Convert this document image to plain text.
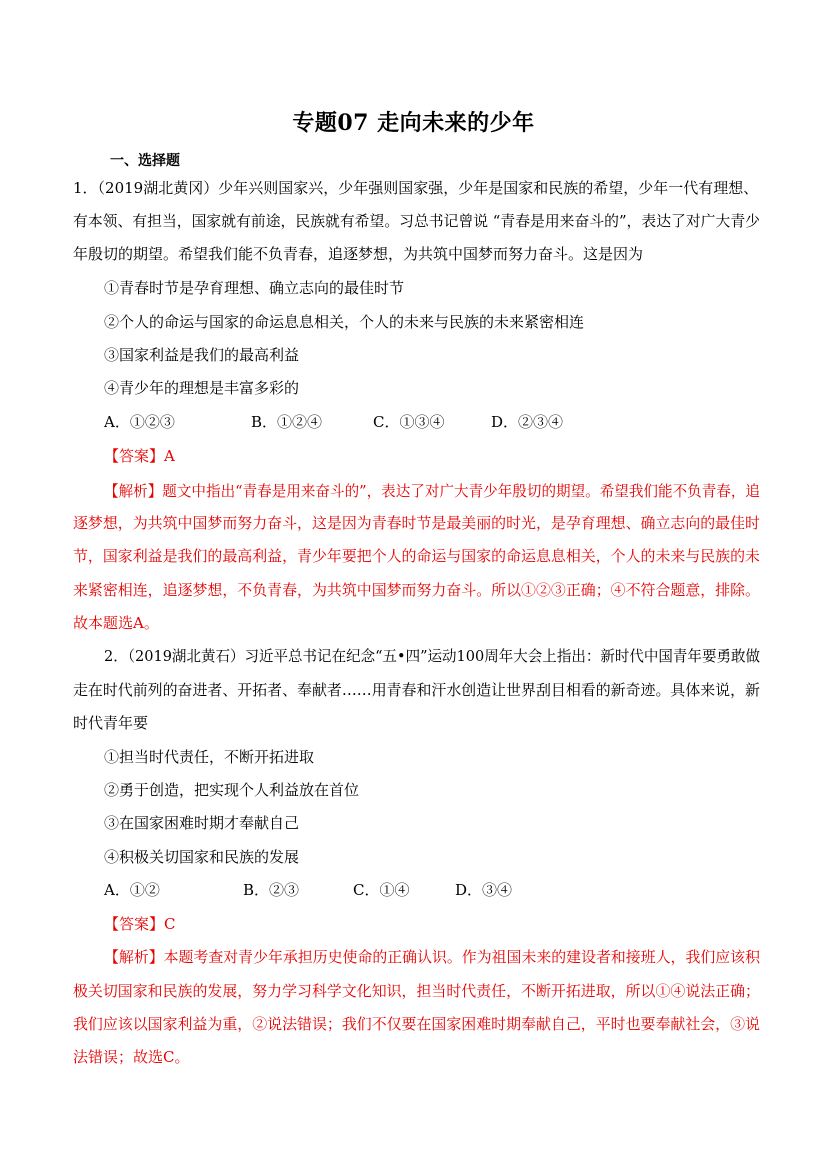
专题07 走向未来的少年
一、选择题
1．（2019湖北黄冈）少年兴则国家兴，少年强则国家强，少年是国家和民族的希望，少年一代有理想、
有本领、有担当，国家就有前途，民族就有希望。习总书记曾说 “青春是用来奋斗的”，表达了对广大青少
年殷切的期望。希望我们能不负青春，追逐梦想，为共筑中国梦而努力奋斗。这是因为
①青春时节是孕育理想、确立志向的最佳时节
②个人的命运与国家的命运息息相关，个人的未来与民族的未来紧密相连
③国家利益是我们的最高利益
④青少年的理想是丰富多彩的
A．①②③	B．①②④	C．①③④	D．②③④
【答案】A
【解析】题文中指出“青春是用来奋斗的”，表达了对广大青少年殷切的期望。希望我们能不负青春，追
逐梦想，为共筑中国梦而努力奋斗，这是因为青春时节是最美丽的时光，是孕育理想、确立志向的最佳时
节，国家利益是我们的最高利益，青少年要把个人的命运与国家的命运息息相关，个人的未来与民族的未
来紧密相连，追逐梦想，不负青春，为共筑中国梦而努力奋斗。所以①②③正确；④不符合题意，排除。
故本题选A。
2．（2019湖北黄石）习近平总书记在纪念“五•四”运动100周年大会上指出：新时代中国青年要勇敢做
走在时代前列的奋进者、开拓者、奉献者……用青春和汗水创造让世界刮目相看的新奇迹。具体来说，新
时代青年要
①担当时代责任，不断开拓进取
②勇于创造，把实现个人利益放在首位
③在国家困难时期才奉献自己
④积极关切国家和民族的发展
A．①②	B．②③	C．①④	D．③④
【答案】C
【解析】本题考查对青少年承担历史使命的正确认识。作为祖国未来的建设者和接班人，我们应该积
极关切国家和民族的发展，努力学习科学文化知识，担当时代责任，不断开拓进取，所以①④说法正确；
我们应该以国家利益为重，②说法错误；我们不仅要在国家困难时期奉献自己，平时也要奉献社会，③说
法错误；故选C。
